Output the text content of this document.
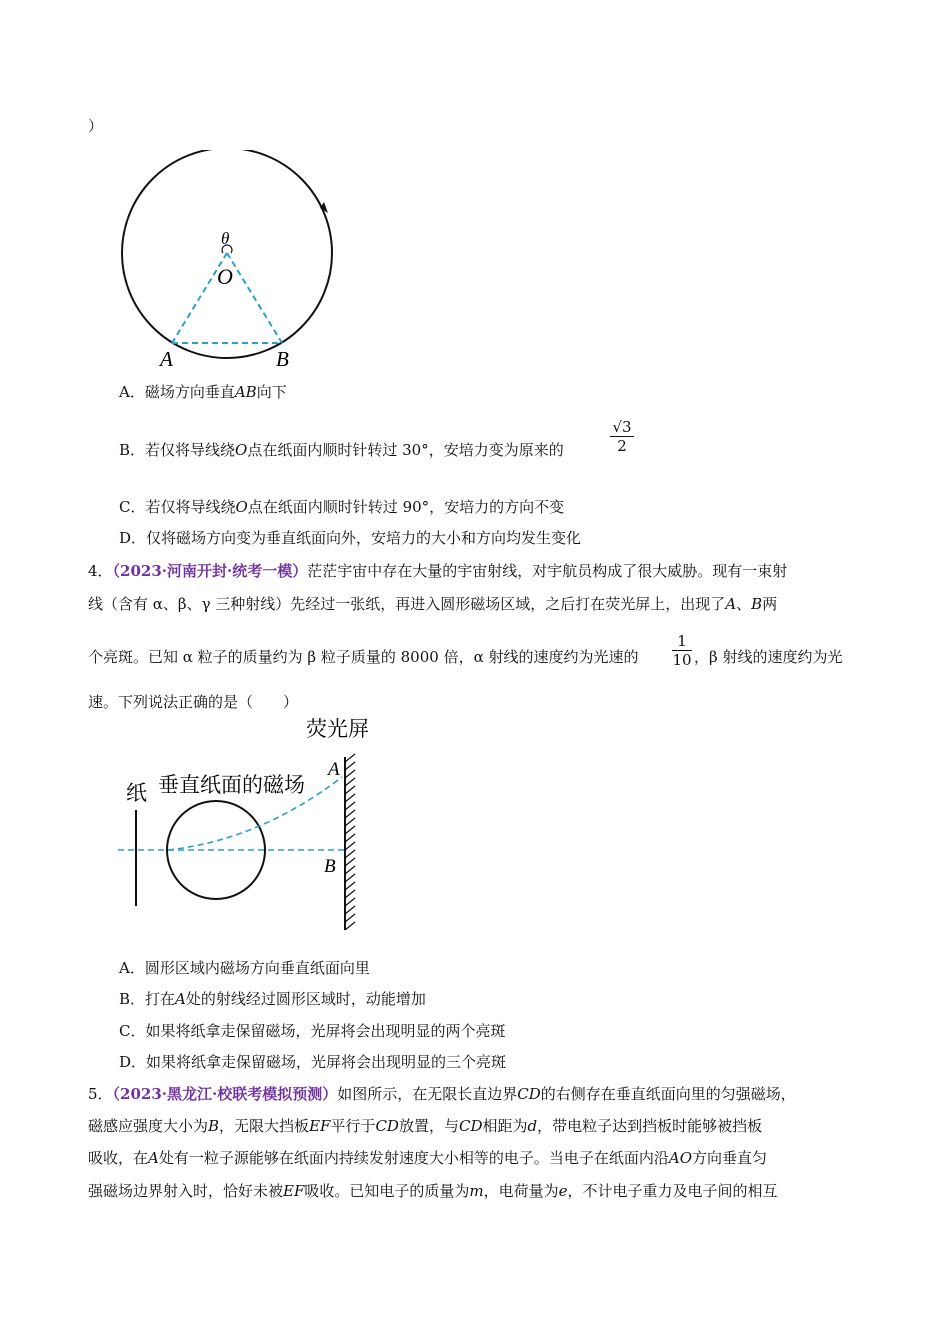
）
θ
O
A	B
A．磁场方向垂直AB向下
B．若仅将导线绕O点在纸面内顺时针转过 30°，安培力变为原来的	$\frac{√3}{2}$
C．若仅将导线绕O点在纸面内顺时针转过 90°，安培力的方向不变
D．仅将磁场方向变为垂直纸面向外，安培力的大小和方向均发生变化
4．（2023·河南开封·统考一模）茫茫宇宙中存在大量的宇宙射线，对宇航员构成了很大威胁。现有一束射
线（含有 α、β、γ 三种射线）先经过一张纸，再进入圆形磁场区域，之后打在荧光屏上，出现了A、B两
个亮斑。已知 α 粒子的质量约为 β 粒子质量的 8000 倍，α 射线的速度约为光速的 $\frac{1}{10}$ ，β 射线的速度约为光
速。下列说法正确的是（　　）
荧光屏
纸 垂直纸面的磁场
A
B
A．圆形区域内磁场方向垂直纸面向里
B．打在A处的射线经过圆形区域时，动能增加
C．如果将纸拿走保留磁场，光屏将会出现明显的两个亮斑
D．如果将纸拿走保留磁场，光屏将会出现明显的三个亮斑
5．（2023·黑龙江·校联考模拟预测）如图所示，在无限长直边界CD的右侧存在垂直纸面向里的匀强磁场，
磁感应强度大小为B，无限大挡板EF平行于CD放置，与CD相距为d，带电粒子达到挡板时能够被挡板
吸收，在A处有一粒子源能够在纸面内持续发射速度大小相等的电子。当电子在纸面内沿AO方向垂直匀
强磁场边界射入时，恰好未被EF吸收。已知电子的质量为m，电荷量为e，不计电子重力及电子间的相互
